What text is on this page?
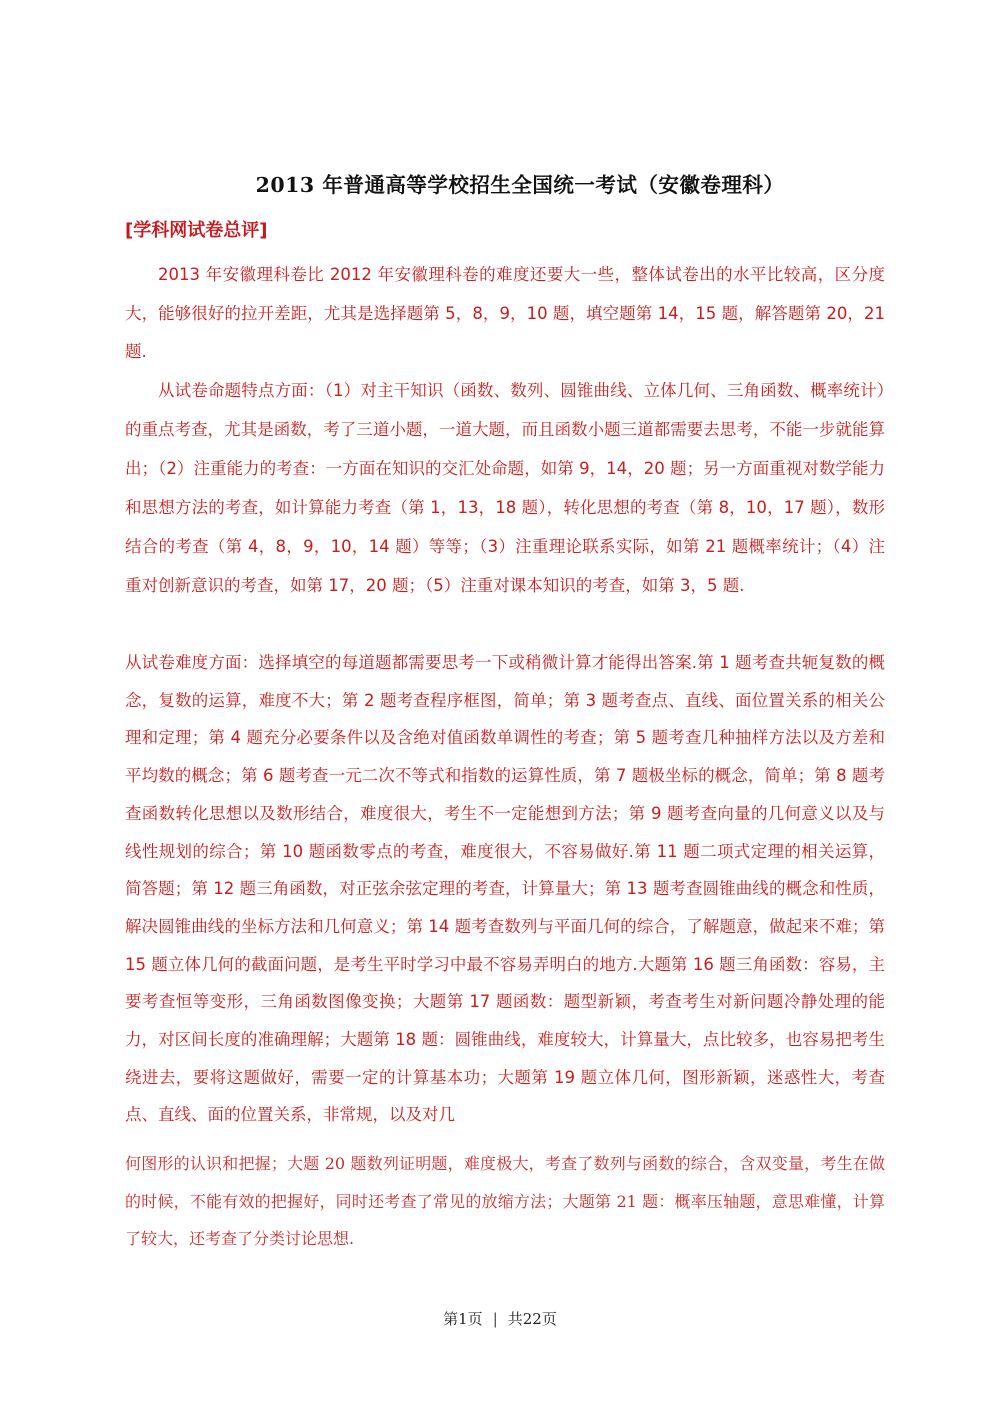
2013 年普通高等学校招生全国统一考试（安徽卷理科）
[学科网试卷总评]

2013 年安徽理科卷比 2012 年安徽理科卷的难度还要大一些，整体试卷出的水平比较高，区分度大，能够很好的拉开差距，尤其是选择题第 5，8，9，10 题，填空题第 14，15 题，解答题第 20，21 题.

从试卷命题特点方面：（1）对主干知识（函数、数列、圆锥曲线、立体几何、三角函数、概率统计）的重点考查，尤其是函数，考了三道小题，一道大题，而且函数小题三道都需要去思考，不能一步就能算出；（2）注重能力的考查：一方面在知识的交汇处命题，如第 9，14，20 题；另一方面重视对数学能力和思想方法的考查，如计算能力考查（第 1，13，18 题），转化思想的考查（第 8，10，17 题），数形结合的考查（第 4，8，9，10，14 题）等等；（3）注重理论联系实际，如第 21 题概率统计；（4）注重对创新意识的考查，如第 17，20 题；（5）注重对课本知识的考查，如第 3，5 题.

从试卷难度方面：选择填空的每道题都需要思考一下或稍微计算才能得出答案.第 1 题考查共轭复数的概念，复数的运算，难度不大；第 2 题考查程序框图，简单；第 3 题考查点、直线、面位置关系的相关公理和定理；第 4 题充分必要条件以及含绝对值函数单调性的考查；第 5 题考查几种抽样方法以及方差和平均数的概念；第 6 题考查一元二次不等式和指数的运算性质，第 7 题极坐标的概念，简单；第 8 题考查函数转化思想以及数形结合，难度很大，考生不一定能想到方法；第 9 题考查向量的几何意义以及与线性规划的综合；第 10 题函数零点的考查，难度很大，不容易做好.第 11 题二项式定理的相关运算，简答题；第 12 题三角函数，对正弦余弦定理的考查，计算量大；第 13 题考查圆锥曲线的概念和性质，解决圆锥曲线的坐标方法和几何意义；第 14 题考查数列与平面几何的综合，了解题意，做起来不难；第 15 题立体几何的截面问题，是考生平时学习中最不容易弄明白的地方.大题第 16 题三角函数：容易，主要考查恒等变形，三角函数图像变换；大题第 17 题函数：题型新颖，考查考生对新问题冷静处理的能力，对区间长度的准确理解；大题第 18 题：圆锥曲线，难度较大，计算量大，点比较多，也容易把考生绕进去，要将这题做好，需要一定的计算基本功；大题第 19 题立体几何，图形新颖，迷惑性大，考查点、直线、面的位置关系，非常规，以及对几

何图形的认识和把握；大题 20 题数列证明题，难度极大，考查了数列与函数的综合，含双变量，考生在做的时候，不能有效的把握好，同时还考查了常见的放缩方法；大题第 21 题：概率压轴题，意思难懂，计算了较大，还考查了分类讨论思想.

第1页 | 共22页
